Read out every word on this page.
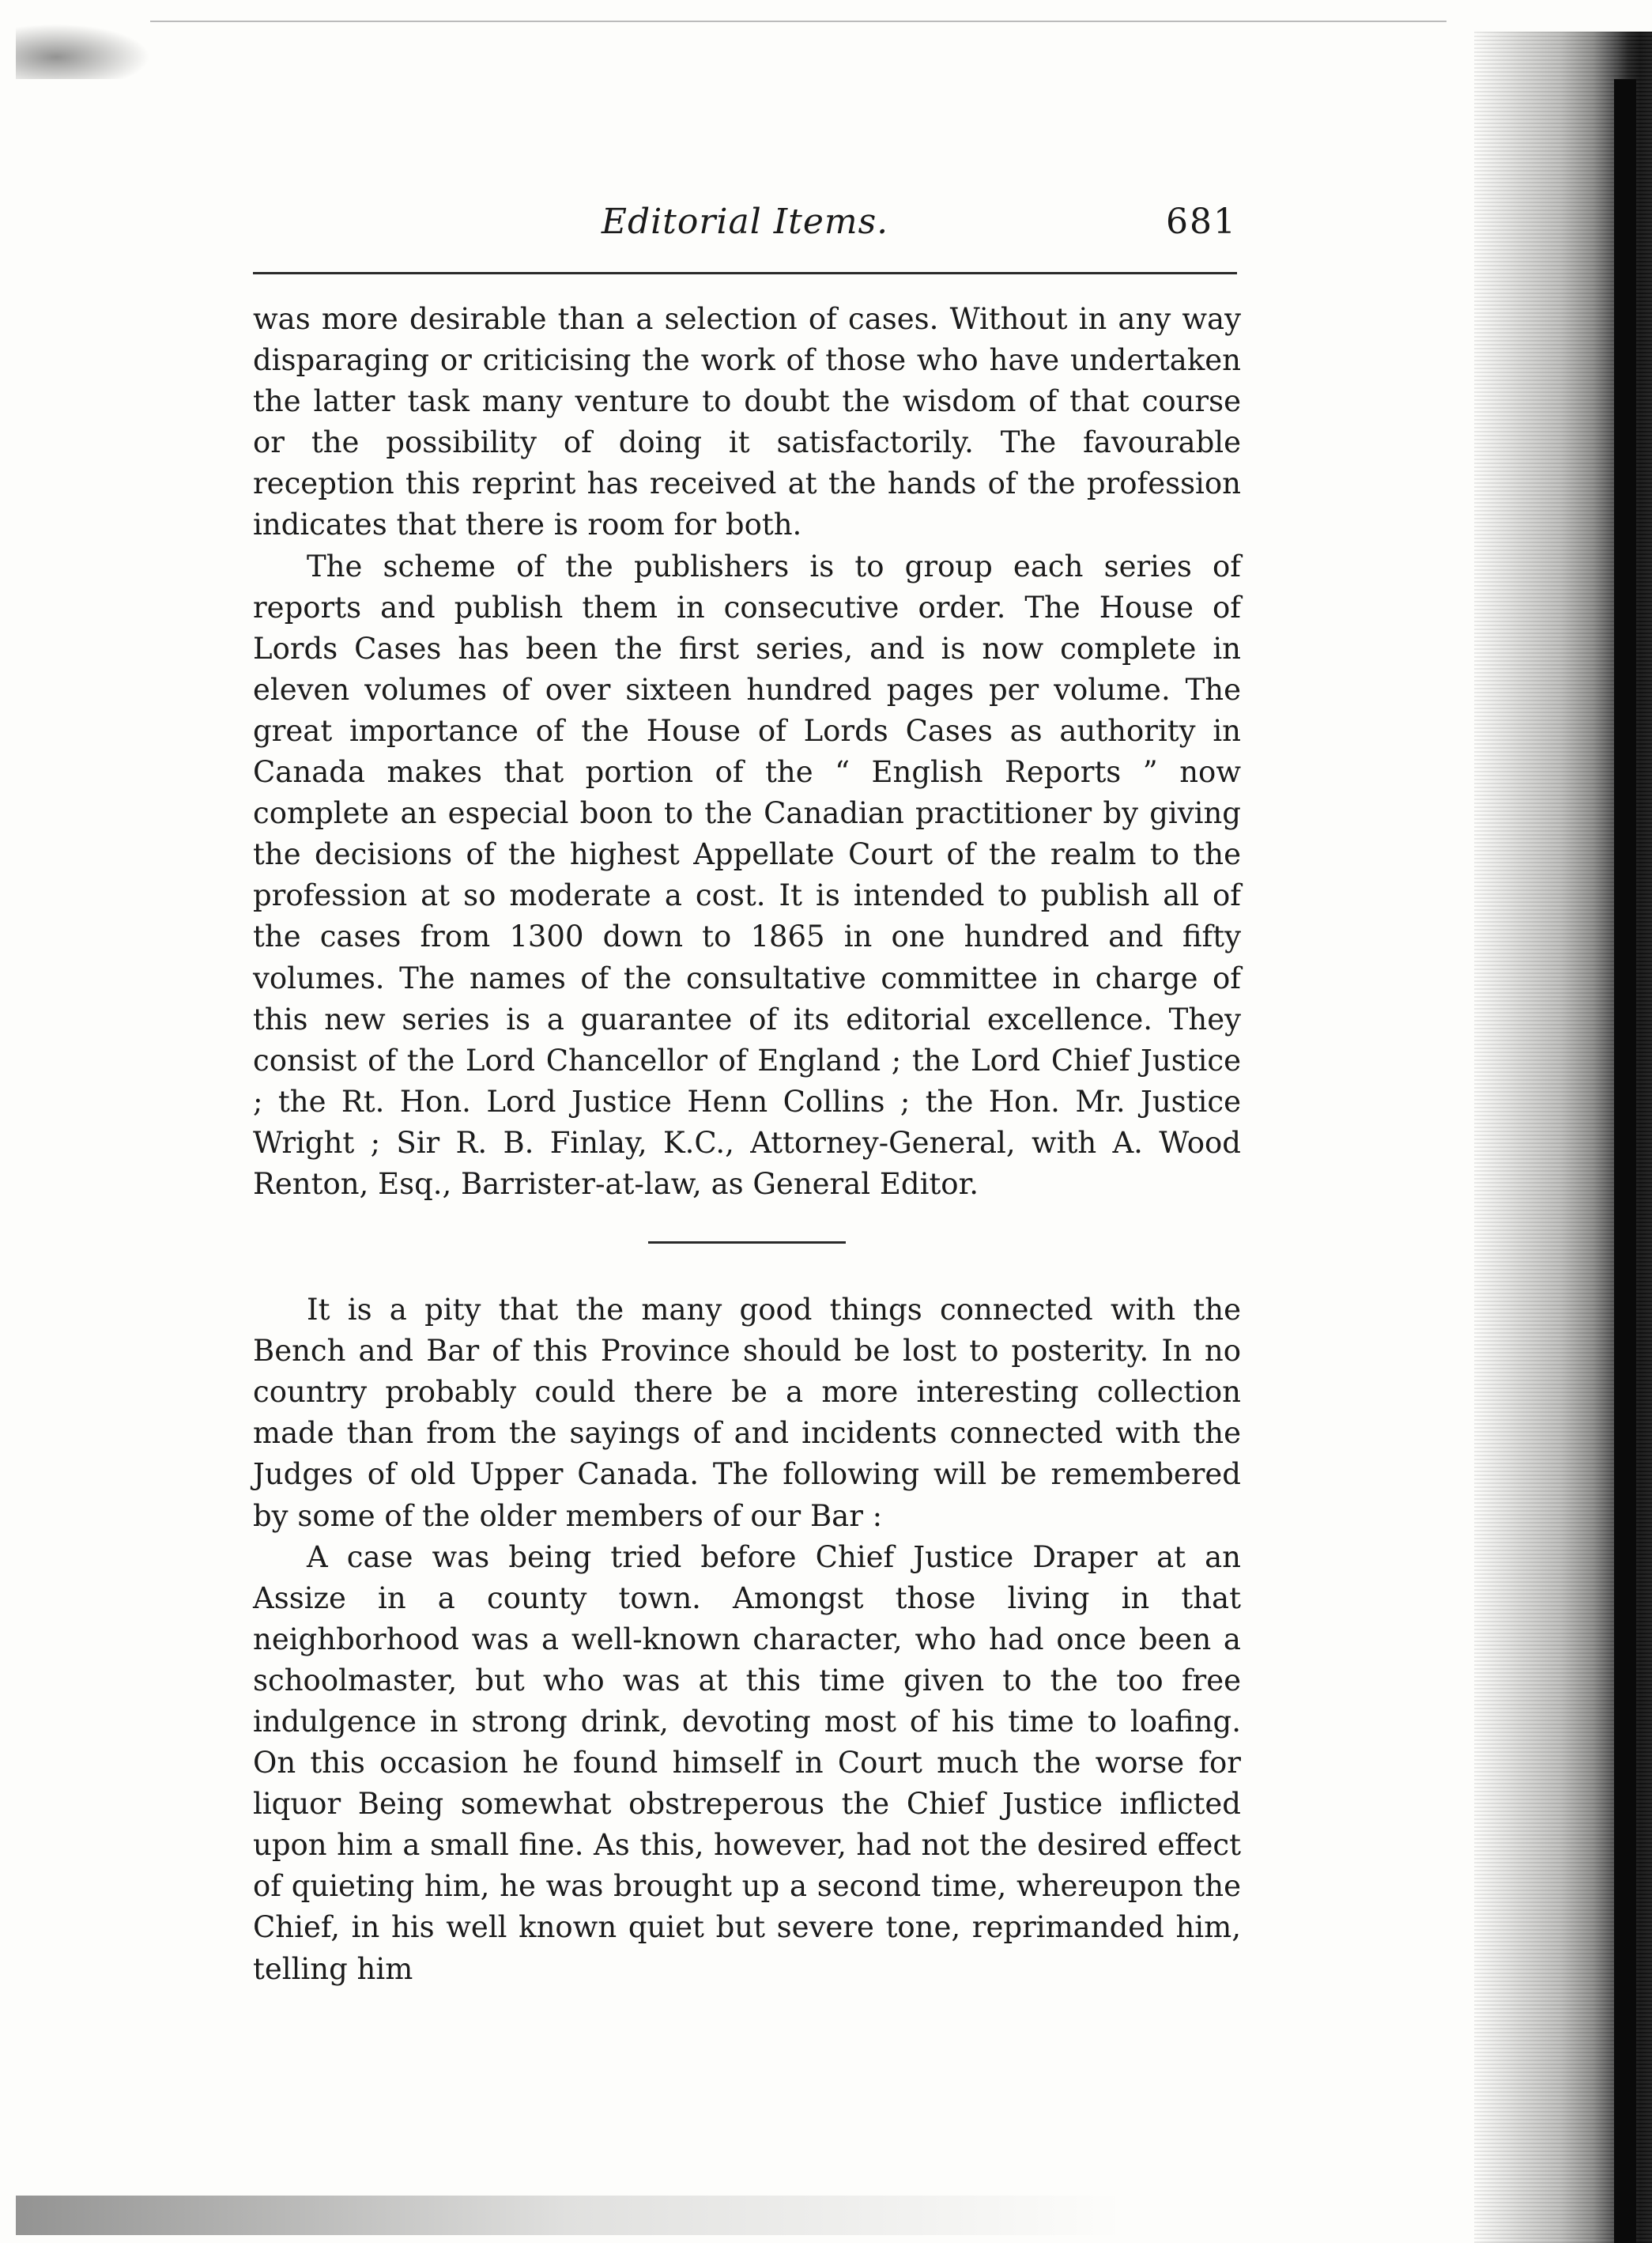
Editorial Items.	681

was more desirable than a selection of cases. Without in any way disparaging or criticising the work of those who have undertaken the latter task many venture to doubt the wisdom of that course or the possibility of doing it satisfactorily. The favourable reception this reprint has received at the hands of the profession indicates that there is room for both.

The scheme of the publishers is to group each series of reports and publish them in consecutive order. The House of Lords Cases has been the first series, and is now complete in eleven volumes of over sixteen hundred pages per volume. The great importance of the House of Lords Cases as authority in Canada makes that portion of the “ English Reports ” now complete an especial boon to the Canadian practitioner by giving the decisions of the highest Appellate Court of the realm to the profession at so moderate a cost. It is intended to publish all of the cases from 1300 down to 1865 in one hundred and fifty volumes. The names of the consultative committee in charge of this new series is a guarantee of its editorial excellence. They consist of the Lord Chancellor of England ; the Lord Chief Justice ; the Rt. Hon. Lord Justice Henn Collins ; the Hon. Mr. Justice Wright ; Sir R. B. Finlay, K.C., Attorney-General, with A. Wood Renton, Esq., Barrister-at-law, as General Editor.

It is a pity that the many good things connected with the Bench and Bar of this Province should be lost to posterity. In no country probably could there be a more interesting collection made than from the sayings of and incidents connected with the Judges of old Upper Canada. The following will be remembered by some of the older members of our Bar :

A case was being tried before Chief Justice Draper at an Assize in a county town. Amongst those living in that neighborhood was a well-known character, who had once been a schoolmaster, but who was at this time given to the too free indulgence in strong drink, devoting most of his time to loafing. On this occasion he found himself in Court much the worse for liquor Being somewhat obstreperous the Chief Justice inflicted upon him a small fine. As this, however, had not the desired effect of quieting him, he was brought up a second time, whereupon the Chief, in his well known quiet but severe tone, reprimanded him, telling him
